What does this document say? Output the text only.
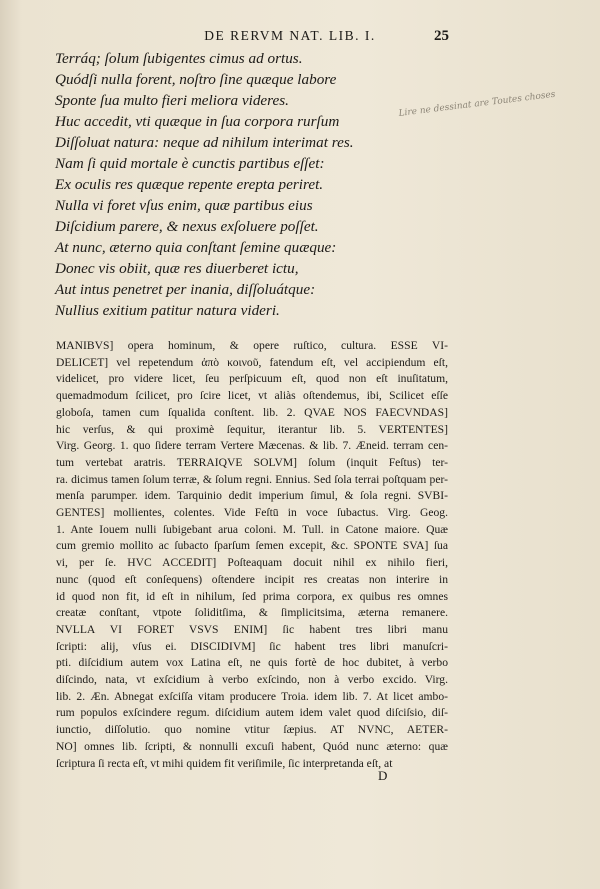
DE RERVM NAT. LIB. I.	25
Terráq; ſolum ſubigentes cimus ad ortus.
Quódſi nulla forent, noſtro ſine quæque labore
Sponte ſua multo fieri meliora videres.
Huc accedit, vti quæque in ſua corpora rurſum
Diſſoluat natura: neque ad nihilum interimat res.
Nam ſi quid mortale è cunctis partibus eſſet:
Ex oculis res quæque repente erepta periret.
Nulla vi foret vſus enim, quæ partibus eius
Diſcidium parere, & nexus exſoluere poſſet.
At nunc, æterno quia conſtant ſemine quæque:
Donec vis obiit, quæ res diuerberet ictu,
Aut intus penetret per inania, diſſoluátque:
Nullius exitium patitur natura videri.
Lire ne dessinat are Toutes choses
MANIBVS] opera hominum, & opere ruſtico, cultura. ESSE VI-
DELICET] vel repetendum ἀπὸ κοινοῦ, fatendum eſt, vel accipiendum eſt,
videlicet, pro videre licet, ſeu perſpicuum eſt, quod non eſt inuſitatum,
quemadmodum ſcilicet, pro ſcire licet, vt aliàs oſtendemus, ibi, Scilicet eſſe
globoſa, tamen cum ſqualida conſtent. lib. 2. QVAE NOS FAECVNDAS]
hic verſus, & qui proximè ſequitur, iterantur lib. 5. VERTENTES]
Virg. Georg. 1. quo ſidere terram Vertere Mæcenas. & lib. 7. Æneid. terram cen-
tum vertebat aratris. TERRAIQVE SOLVM] ſolum (inquit Feſtus) ter-
ra. dicimus tamen ſolum terræ, & ſolum regni. Ennius. Sed ſola terrai poſtquam per-
menſa parumper. idem. Tarquinio dedit imperium ſimul, & ſola regni. SVBI-
GENTES] mollientes, colentes. Vide Feſtū in voce ſubactus. Virg. Geog.
1. Ante Iouem nulli ſubigebant arua coloni. M. Tull. in Catone maiore. Quæ
cum gremio mollito ac ſubacto ſparſum ſemen excepit, &c. SPONTE SVA] ſua
vi, per ſe. HVC ACCEDIT] Poſteaquam docuit nihil ex nihilo fieri,
nunc (quod eſt conſequens) oſtendere incipit res creatas non interire in
id quod non fit, id eſt in nihilum, ſed prima corpora, ex quibus res omnes
creatæ conſtant, vtpote ſoliditſima, & ſimplicitsima, æterna remanere.
NVLLA VI FORET VSVS ENIM] ſic habent tres libri manu
ſcripti: alij, vſus ei. DISCIDIVM] ſic habent tres libri manuſcri-
pti. diſcidium autem vox Latina eſt, ne quis fortè de hoc dubitet, à verbo
diſcindo, nata, vt exſcidium à verbo exſcindo, non à verbo excido. Virg.
lib. 2. Æn. Abnegat exſciſſa vitam producere Troia. idem lib. 7. At licet ambo-
rum populos exſcindere regum. diſcidium autem idem valet quod diſciſsio, diſ-
iunctio, diſſolutio. quo nomine vtitur ſæpius. AT NVNC, AETER-
NO] omnes lib. ſcripti, & nonnulli excuſi habent, Quód nunc æterno: quæ
ſcriptura ſi recta eſt, vt mihi quidem fit veriſimile, ſic interpretanda eſt, at
D
